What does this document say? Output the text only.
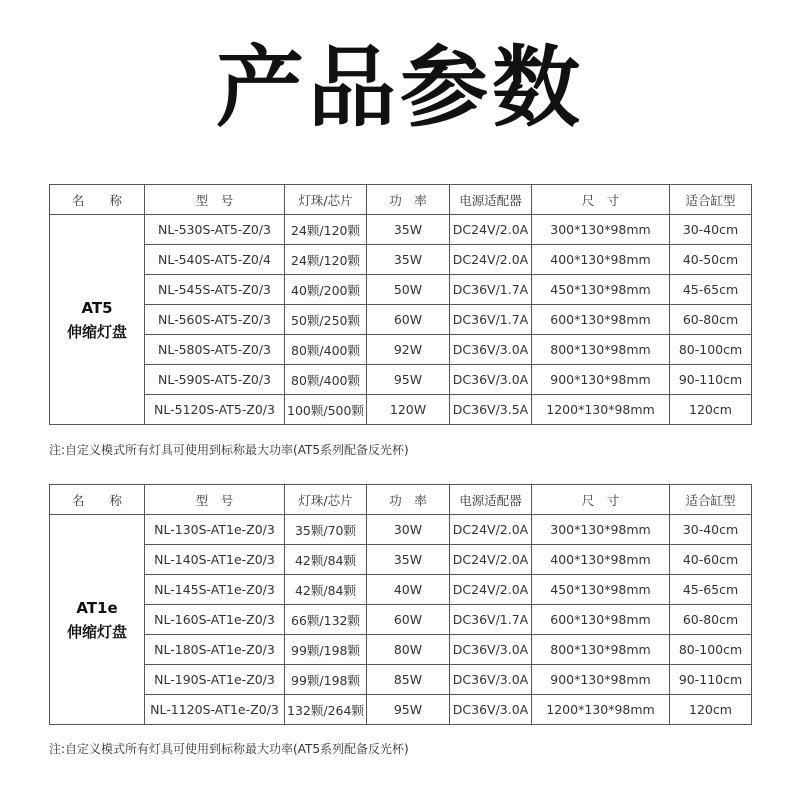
产品参数
名　　称	型　号	灯珠/芯片	功　率	电源适配器	尺　寸	适合缸型

AT5
伸缩灯盘	NL-530S-AT5-Z0/3	24颗/120颗	35W	DC24V/2.0A	300*130*98mm	30-40cm
	NL-540S-AT5-Z0/4	24颗/120颗	35W	DC24V/2.0A	400*130*98mm	40-50cm
	NL-545S-AT5-Z0/3	40颗/200颗	50W	DC36V/1.7A	450*130*98mm	45-65cm
	NL-560S-AT5-Z0/3	50颗/250颗	60W	DC36V/1.7A	600*130*98mm	60-80cm
	NL-580S-AT5-Z0/3	80颗/400颗	92W	DC36V/3.0A	800*130*98mm	80-100cm
	NL-590S-AT5-Z0/3	80颗/400颗	95W	DC36V/3.0A	900*130*98mm	90-110cm
	NL-5120S-AT5-Z0/3	100颗/500颗	120W	DC36V/3.5A	1200*130*98mm	120cm
注:自定义模式所有灯具可使用到标称最大功率(AT5系列配备反光杯)
名　　称	型　号	灯珠/芯片	功　率	电源适配器	尺　寸	适合缸型

AT1e
伸缩灯盘	NL-130S-AT1e-Z0/3	35颗/70颗	30W	DC24V/2.0A	300*130*98mm	30-40cm
	NL-140S-AT1e-Z0/3	42颗/84颗	35W	DC24V/2.0A	400*130*98mm	40-60cm
	NL-145S-AT1e-Z0/3	42颗/84颗	40W	DC24V/2.0A	450*130*98mm	45-65cm
	NL-160S-AT1e-Z0/3	66颗/132颗	60W	DC36V/1.7A	600*130*98mm	60-80cm
	NL-180S-AT1e-Z0/3	99颗/198颗	80W	DC36V/3.0A	800*130*98mm	80-100cm
	NL-190S-AT1e-Z0/3	99颗/198颗	85W	DC36V/3.0A	900*130*98mm	90-110cm
	NL-1120S-AT1e-Z0/3	132颗/264颗	95W	DC36V/3.0A	1200*130*98mm	120cm
注:自定义模式所有灯具可使用到标称最大功率(AT5系列配备反光杯)
